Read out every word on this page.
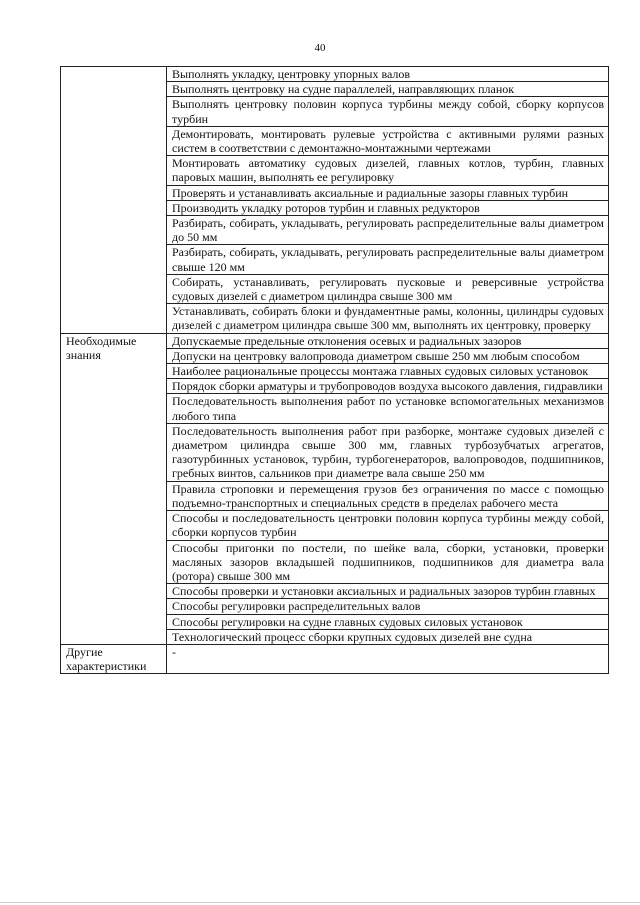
40
	Выполнять укладку, центровку упорных валов
	Выполнять центровку на судне параллелей, направляющих планок
	Выполнять центровку половин корпуса турбины между собой, сборку корпусов турбин
	Демонтировать, монтировать рулевые устройства с активными рулями разных систем в соответствии с демонтажно-монтажными чертежами
	Монтировать автоматику судовых дизелей, главных котлов, турбин, главных паровых машин, выполнять ее регулировку
	Проверять и устанавливать аксиальные и радиальные зазоры главных турбин
	Производить укладку роторов турбин и главных редукторов
	Разбирать, собирать, укладывать, регулировать распределительные валы диаметром до 50 мм
	Разбирать, собирать, укладывать, регулировать распределительные валы диаметром свыше 120 мм
	Собирать, устанавливать, регулировать пусковые и реверсивные устройства судовых дизелей с диаметром цилиндра свыше 300 мм
	Устанавливать, собирать блоки и фундаментные рамы, колонны, цилиндры судовых дизелей с диаметром цилиндра свыше 300 мм, выполнять их центровку, проверку
Необходимые знания	Допускаемые предельные отклонения осевых и радиальных зазоров
	Допуски на центровку валопровода диаметром свыше 250 мм любым способом
	Наиболее рациональные процессы монтажа главных судовых силовых установок
	Порядок сборки арматуры и трубопроводов воздуха высокого давления, гидравлики
	Последовательность выполнения работ по установке вспомогательных механизмов любого типа
	Последовательность выполнения работ при разборке, монтаже судовых дизелей с диаметром цилиндра свыше 300 мм, главных турбозубчатых агрегатов, газотурбинных установок, турбин, турбогенераторов, валопроводов, подшипников, гребных винтов, сальников при диаметре вала свыше 250 мм
	Правила строповки и перемещения грузов без ограничения по массе с помощью подъемно-транспортных и специальных средств в пределах рабочего места
	Способы и последовательность центровки половин корпуса турбины между собой, сборки корпусов турбин
	Способы пригонки по постели, по шейке вала, сборки, установки, проверки масляных зазоров вкладышей подшипников, подшипников для диаметра вала (ротора) свыше 300 мм
	Способы проверки и установки аксиальных и радиальных зазоров турбин главных
	Способы регулировки распределительных валов
	Способы регулировки на судне главных судовых силовых установок
	Технологический процесс сборки крупных судовых дизелей вне судна
Другие характеристики	-
